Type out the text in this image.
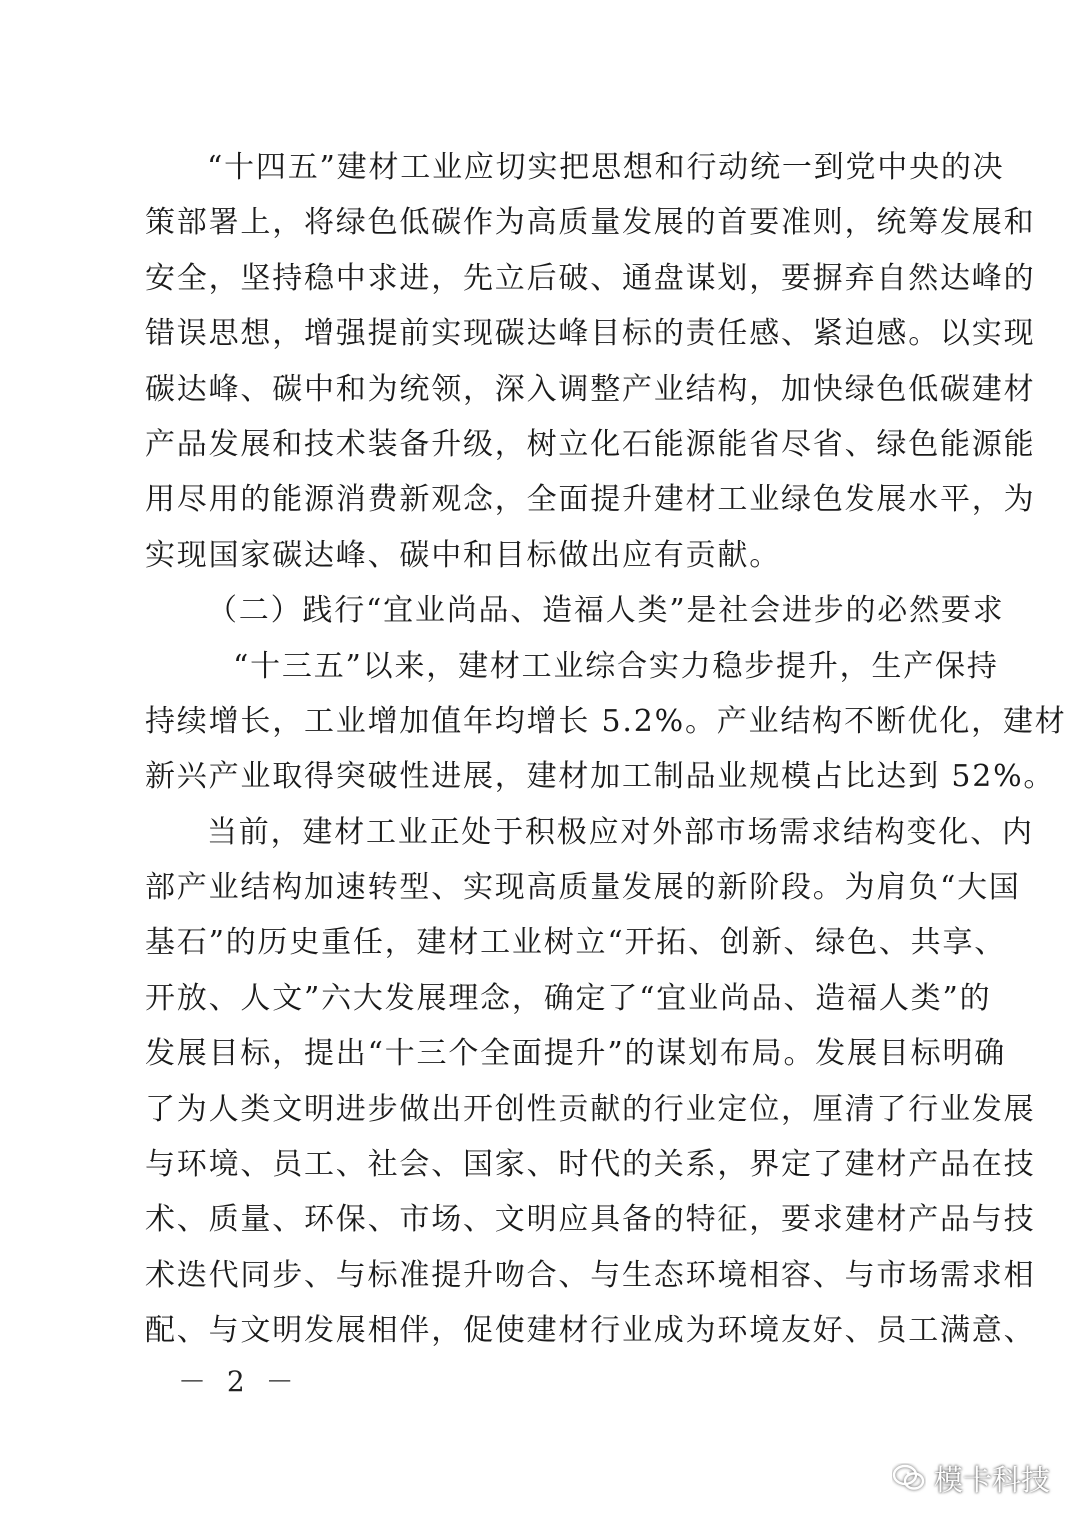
“十四五”建材工业应切实把思想和行动统一到党中央的决
策部署上，将绿色低碳作为高质量发展的首要准则，统筹发展和
安全，坚持稳中求进，先立后破、通盘谋划，要摒弃自然达峰的
错误思想，增强提前实现碳达峰目标的责任感、紧迫感。以实现
碳达峰、碳中和为统领，深入调整产业结构，加快绿色低碳建材
产品发展和技术装备升级，树立化石能源能省尽省、绿色能源能
用尽用的能源消费新观念，全面提升建材工业绿色发展水平，为
实现国家碳达峰、碳中和目标做出应有贡献。
（二）践行“宜业尚品、造福人类”是社会进步的必然要求
“十三五”以来，建材工业综合实力稳步提升，生产保持
持续增长，工业增加值年均增长 5.2%。产业结构不断优化，建材
新兴产业取得突破性进展，建材加工制品业规模占比达到 52%。
当前，建材工业正处于积极应对外部市场需求结构变化、内
部产业结构加速转型、实现高质量发展的新阶段。为肩负“大国
基石”的历史重任，建材工业树立“开拓、创新、绿色、共享、
开放、人文”六大发展理念，确定了“宜业尚品、造福人类”的
发展目标，提出“十三个全面提升”的谋划布局。发展目标明确
了为人类文明进步做出开创性贡献的行业定位，厘清了行业发展
与环境、员工、社会、国家、时代的关系，界定了建材产品在技
术、质量、环保、市场、文明应具备的特征，要求建材产品与技
术迭代同步、与标准提升吻合、与生态环境相容、与市场需求相
配、与文明发展相伴，促使建材行业成为环境友好、员工满意、
－ 2 －
模卡科技
